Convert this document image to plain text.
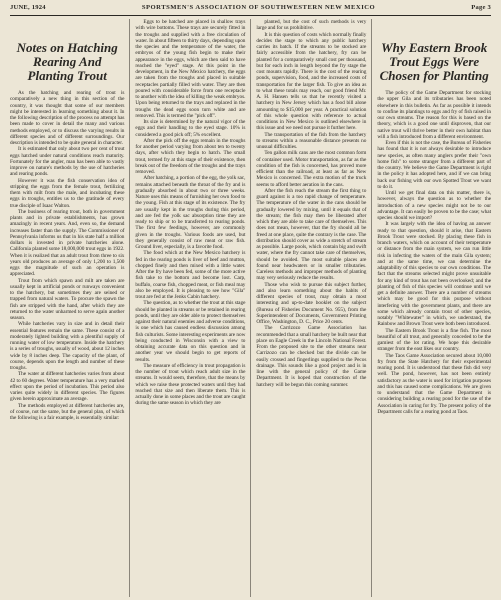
JUNE, 1924	SPORTSMEN'S ASSOCIATION OF SOUTHWESTERN NEW MEXICO	Page 3
Notes on Hatching Rearing And Planting Trout

As the hatching and rearing of trout is comparatively a new thing in this section of the country, it was thought that some of our members might be interested in learning something about it. In the following description of the process no attempt has been made to cover in detail the many and various methods employed, or to discuss the varying results in different species and of different surroundings. Our description is intended to be quite general in character.

It is estimated that only about two per cent of trout eggs hatched under natural conditions reach maturity. Fortunately for the angler, man has been able to vastly improve on nature's methods by the use of hatcheries and rearing ponds.

However it was the fish conservation idea of stripping the eggs from the female trout, fertilizing them with milt from the male, and incubating these eggs in troughs, entitles us to the gratitude of every true disciple of Isaac Walton.

The business of rearing trout, both in government plants and in private establishments, has grown amazingly in recent years. And, even so, the demand increases faster than the supply. The Commissioner of Pennsylvania informs us that in his state half a million dollars is invested in private hatcheries alone. California planted some 18,000,000 trout eggs in 1922. When it is realized that an adult trout from three to six years old produces an average of only 1,200 to 1,500 eggs the magnitude of such an operation is appreciated.

Trout from which spawn and milt are taken are usually kept in artificial ponds or runways convenient to the hatchery, but sometimes they are seined or trapped from natural waters. To procure the spawn the fish are stripped with the hand, after which they are returned to the water unharmed to serve again another season.

While hatcheries vary in size and in detail their essential features remain the same. These consist of a moderately lighted building with a plentiful supply of running water of low temperature. Inside the hatchery is a series of troughs, usually of wood, about 12 inches wide by 8 inches deep. The capacity of the plant, of course, depends upon the length and number of these troughs.

The water at different hatcheries varies from about 42 to 60 degrees. Water temperature has a very marked effect upon the period of incubation. This period also varies quite widely in different species. The figures given herein approximate an average.

The methods employed at different hatcheries are, of course, not the same, but the general plan, of which the following is a fair example, is essentially similar:

Eggs to be hatched are placed in shallow trays with wire bottoms. These trays are securely fitted in the troughs and supplied with a free circulation of water. In about fifteen to thirty days, depending upon the species and the temperature of the water, the embryos of the young fish begin to make their appearance in the eggs, which are then said to have reached the "eyed" stage. At this point in the development, in the New Mexico hatchery, the eggs are taken from the troughs and placed in suitable receptacles partially filled with water. They are then poured with considerable force from one receptacle to another with the idea of killing the weak embryos. Upon being returned to the trays and replaced in the troughs the dead eggs soon turn white and are removed. This is termed the "pick off".

Its size is determined by the natural vigor of the eggs and their handling to the eyed stage. 10% is considered a good pick off; 5% excellent.

After the pick off the eggs remain in the troughs for another period varying from about ten to twenty days, after which they begin to hatch. The small trout, termed fry at this stage of their existence, then break out of the freedom of the troughs and the trays removed.

After hatching, a portion of the egg, the yolk sac, remains attached beneath the throat of the fry and is gradually absorbed in about two or three weeks. Nature uses this means of furnishing her own food to the young. Fish at this stage of its existence. The fry are usually kept in the troughs during this period, and are fed the yolk sac absorption time they are ready to ship or to be transferred to rearing ponds. The first few feedings, however, are commonly given in the troughs. Various foods are used, but they generally consist of raw meat or raw fish. Ground liver, especially, is a favorite food.

The food which at the New Mexico hatchery is fed in the rearing ponds is liver of beef and mutton, chopped finely and then mixed with a little water. After the fry have been fed, some of the more active fish take to the bottom and become lost. Carp, buffalo, coarse fish, chopped meat, or fish meal may also be employed. It is pleasing to see how "Gila" trout are fed at the Jenks Cabin hatchery.

The question, as to whether the trout at this stage should be planted in streams or be retained in rearing ponds, until they are older able to protect themselves against their natural enemies and adverse conditions, is one which has caused endless discussion among fish culturists. Some interesting experiments are now being conducted in Wisconsin with a view to obtaining accurate data on this question and in another year we should begin to get reports of results.

The measure of efficiency in trout propagation is the number of trout which reach adult size in the streams. It would seem, therefore, that the means by which we raise these protected waters until they had reached that size and then liberate them. This is actually done in some places and the trout are caught during the same season in which they are

planted, but the cost of such methods is very large and for us prohibitive.

It is this question of costs which normally finally decides the stage to which any public hatchery carries its batch. If the streams to be stocked are fairly accessible from the hatchery, fry can be planted for a comparatively small cost per thousand, but for each inch in length beyond the fry stage the cost mounts rapidly. There is the cost of the rearing ponds, supervision, food, and the increased costs of transportation for the larger fish. To give an idea as to what these totals may reach, our good friend Mr. A. H. Hansen tells us that he recently visited a hatchery in New Jersey which has a food bill alone amounting to $15,000 per year. A practical solution of this whole question with reference to actual conditions in New Mexico is outlined elsewhere in this issue and we need not pursue it further here.

The transportation of the fish from the hatchery to streams within a reasonable distance presents no unusual difficulties.

Ten gallon milk cans are the most common form of container used. Motor transportation, as far as the condition of the fish is concerned, has proved more efficient than the railroad, at least as far as New Mexico is concerned. The extra motion of the truck seems to afford better aeration in the cans.

After the fish reach the stream the first thing to guard against is a too rapid change of temperature. The temperature of the water in the cans should be gradually lowered by mixing, until it equals that of the stream; the fish may then be liberated after which they are able to take care of themselves. This does not mean, however, that the fry should all be freed at one place, quite the contrary is the case. The distribution should cover as wide a stretch of stream as possible. Large pools, which contain big and swift water, where the fry cannot take care of themselves, should be avoided. The most suitable places are found near headwaters or in smaller tributaries. Careless methods and improper methods of planting may very seriously reduce the results.

Those who wish to pursue this subject further, and also learn something about the habits of different species of trout, may obtain a most interesting and up-to-date booklet on the subject (Bureau of Fisheries Document No. 955), from the Superintendent of Documents, Government Printing Office, Washington, D. C., Price 20 cents.

The Carrizozo Game Association has recommended that a small hatchery be built near that place on Eagle Creek in the Lincoln National Forest. From the proposed site to the other streams near Carrizozo can be checked but the divide can be easily crossed and fingerlings supplied to the Pecos drainage. This sounds like a good project and is in line with the general policy of the Game Department. It is hoped that construction of the hatchery will be begun this coming summer.

Why Eastern Brook Trout Eggs Were Chosen for Planting

The policy of the Game Department for stocking the upper Gila and its tributaries has been noted elsewhere in this bulletin. As far as possible it intends to confine its plantings to eggs and fry of fish raised in our own streams. The reason for this is based on the theory, which is a good one until disproven, that our native trout will thrive better in their own habitat than will a fish introduced from a different environment.

Even if this is not the case, the Bureau of Fisheries has found that it is not always desirable to introduce new species, as often many anglers prefer their "own home fish" to some stranger from a different part of the country. We believe the Game Department is right in the policy it has adopted here, and if we can bring back our fishing with our own Spotted Trout we want to do it.

Until we get final data on this matter, there is, however, always the question as to whether the introduction of a new species might not be to our advantage. It can easily be proven to be the case; what species should we import?

It was largely with the idea of having an answer ready to that question, should it arise, that Eastern Brook Trout were stocked. By placing these fish in branch waters, which on account of their temperature or distance from the main system, we can run little risk in infecting the waters of the main Gila system; and at the same time, we can determine the adaptability of this species to our own conditions. The fact that the streams selected might prove unsuitable for any kind of trout has not been overlooked; and the planting of fish of this species will continue until we get a definite answer. There are a number of streams which may be good for this purpose without interfering with the government plants, and there are some which already contain trout of other species, notably "Whitewater" in which, we understand, the Rainbow and Brown Trout were both been introduced.

The Eastern Brook Trout is a fine fish. The most beautiful of all trout, and generally conceded to be the gamiest of the lot rating. We hope this desirable stranger from the east likes our country.

The Taos Game Association secured about 10,000 fry from the State Hatchery for their experimental rearing pond. It is understood that these fish did very well. The pond, however, has not been entirely satisfactory as the water is used for irrigation purposes and this has caused some complications. We are given to understand that the Game Department is considering building a rearing pond for the use of the Association in caring for fry. The present policy of the Department calls for a rearing pond at Taos.
